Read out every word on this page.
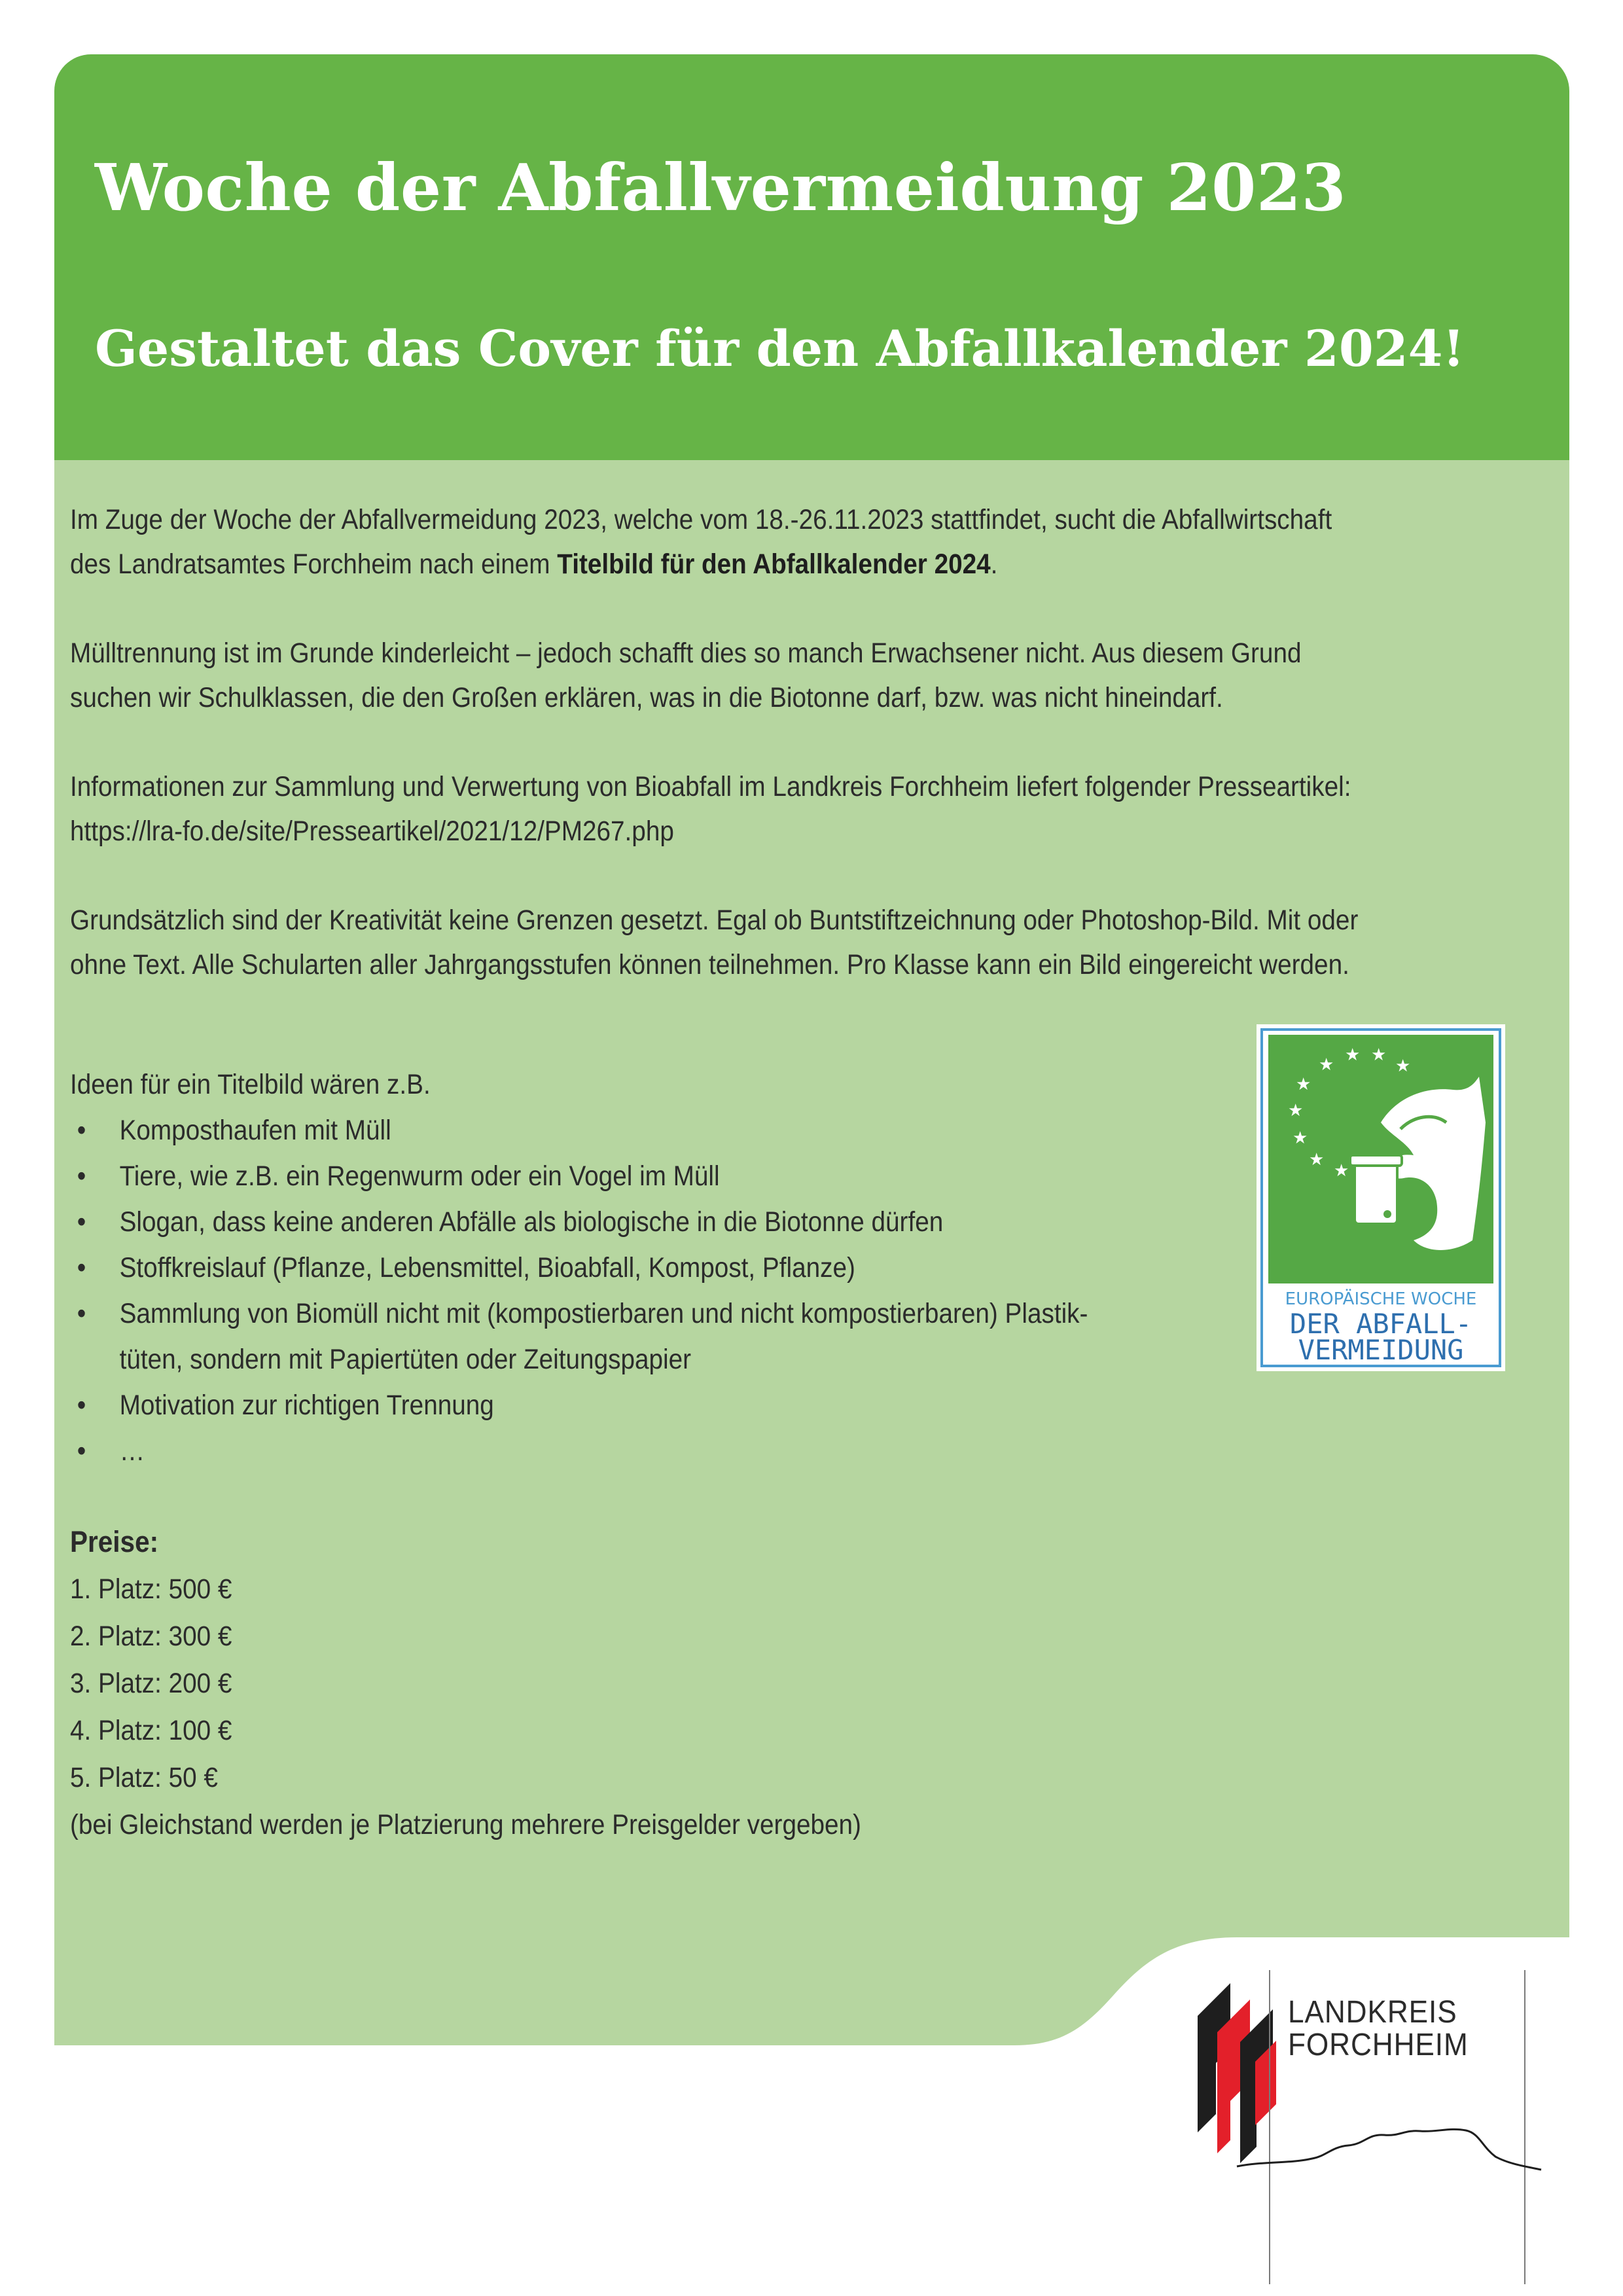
Woche der Abfallvermeidung 2023
Gestaltet das Cover für den Abfallkalender 2024!

Im Zuge der Woche der Abfallvermeidung 2023, welche vom 18.-26.11.2023 stattfindet, sucht die Abfallwirtschaft
des Landratsamtes Forchheim nach einem Titelbild für den Abfallkalender 2024.

Mülltrennung ist im Grunde kinderleicht – jedoch schafft dies so manch Erwachsener nicht. Aus diesem Grund
suchen wir Schulklassen, die den Großen erklären, was in die Biotonne darf, bzw. was nicht hineindarf.

Informationen zur Sammlung und Verwertung von Bioabfall im Landkreis Forchheim liefert folgender Presseartikel:
https://lra-fo.de/site/Presseartikel/2021/12/PM267.php

Grundsätzlich sind der Kreativität keine Grenzen gesetzt. Egal ob Buntstiftzeichnung oder Photoshop-Bild. Mit oder
ohne Text. Alle Schularten aller Jahrgangsstufen können teilnehmen. Pro Klasse kann ein Bild eingereicht werden.

Ideen für ein Titelbild wären z.B.
• Komposthaufen mit Müll
• Tiere, wie z.B. ein Regenwurm oder ein Vogel im Müll
• Slogan, dass keine anderen Abfälle als biologische in die Biotonne dürfen
• Stoffkreislauf (Pflanze, Lebensmittel, Bioabfall, Kompost, Pflanze)
• Sammlung von Biomüll nicht mit (kompostierbaren und nicht kompostierbaren) Plastik-
tüten, sondern mit Papiertüten oder Zeitungspapier
• Motivation zur richtigen Trennung
• …
Preise:
1. Platz: 500 €
2. Platz: 300 €
3. Platz: 200 €
4. Platz: 100 €
5. Platz: 50 €
(bei Gleichstand werden je Platzierung mehrere Preisgelder vergeben)
★ ★ ★
★
★
★
★
★
★
EUROPÄISCHE WOCHE
DER ABFALL-
VERMEIDUNG
LANDKREIS
FORCHHEIM
